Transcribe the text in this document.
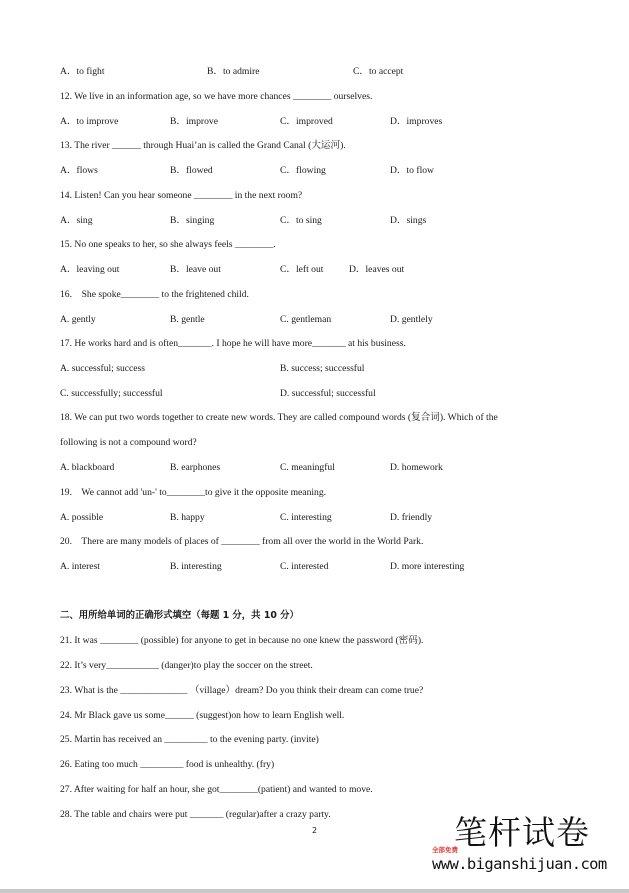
A．to fight	B．to admire	C．to accept
12. We live in an information age, so we have more chances ________ ourselves.
A．to improve	B．improve	C．improved	D．improves
13. The river ______ through Huai’an is called the Grand Canal (大运河).
A．flows	B．flowed	C．flowing	D．to flow
14. Listen! Can you hear someone ________ in the next room?
A．sing	B．singing	C．to sing	D．sings
15. No one speaks to her, so she always feels ________.
A．leaving out	B．leave out	C．left out	D．leaves out
16.    She spoke________ to the frightened child.
A. gently	B. gentle	C. gentleman	D. gentlely
17. He works hard and is often_______. I hope he will have more_______ at his business.
A. successful; success	B. success; successful
C. successfully; successful	D. successful; successful
18. We can put two words together to create new words. They are called compound words (复合词). Which of the
following is not a compound word?
A. blackboard	B. earphones	C. meaningful	D. homework
19.    We cannot add 'un-' to________to give it the opposite meaning.
A. possible	B. happy	C. interesting	D. friendly
20.    There are many models of places of ________ from all over the world in the World Park.
A. interest	B. interesting	C. interested	D. more interesting
二、用所给单词的正确形式填空（每题 1 分，共 10 分）
21. It was ________ (possible) for anyone to get in because no one knew the password (密码).
22. It’s very___________ (danger)to play the soccer on the street.
23. What is the ______________ （village）dream? Do you think their dream can come true?
24. Mr Black gave us some______ (suggest)on how to learn English well.
25. Martin has received an _________ to the evening party. (invite)
26. Eating too much _________ food is unhealthy. (fry)
27. After waiting for half an hour, she got________(patient) and wanted to move.
28. The table and chairs were put _______ (regular)after a crazy party.
2	笔杆试卷
全部免费
www.biganshijuan.com
